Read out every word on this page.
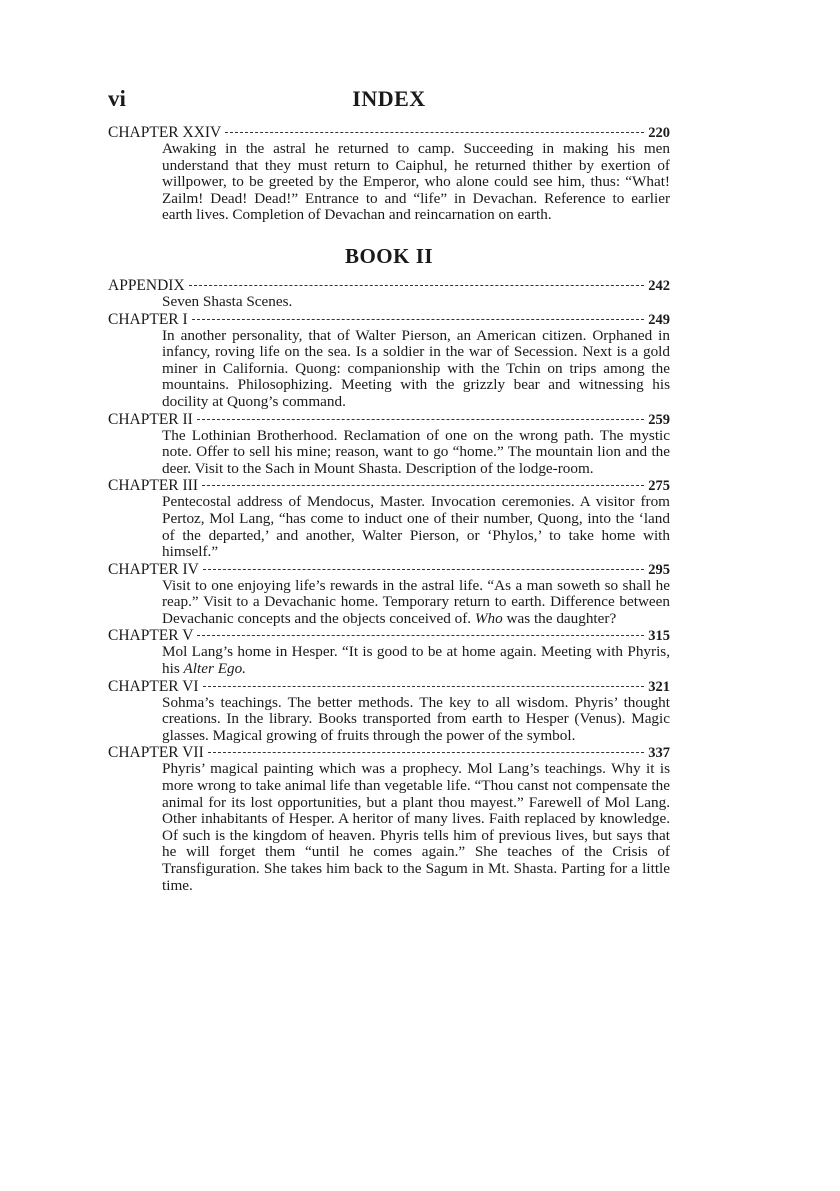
vi	INDEX
CHAPTER XXIV	220
Awaking in the astral he returned to camp. Succeeding in making his men understand that they must return to Caiphul, he returned thither by exertion of willpower, to be greeted by the Emperor, who alone could see him, thus: “What! Zailm! Dead! Dead!” Entrance to and “life” in Devachan. Reference to earlier earth lives. Completion of Devachan and reincarnation on earth.
BOOK II
APPENDIX	242
Seven Shasta Scenes.
CHAPTER I	249
In another personality, that of Walter Pierson, an American citizen. Orphaned in infancy, roving life on the sea. Is a soldier in the war of Secession. Next is a gold miner in California. Quong: companionship with the Tchin on trips among the mountains. Philosophizing. Meeting with the grizzly bear and witnessing his docility at Quong’s command.
CHAPTER II	259
The Lothinian Brotherhood. Reclamation of one on the wrong path. The mystic note. Offer to sell his mine; reason, want to go “home.” The mountain lion and the deer. Visit to the Sach in Mount Shasta. Description of the lodge-room.
CHAPTER III	275
Pentecostal address of Mendocus, Master. Invocation ceremonies. A visitor from Pertoz, Mol Lang, “has come to induct one of their number, Quong, into the ‘land of the departed,’ and another, Walter Pierson, or ‘Phylos,’ to take home with himself.”
CHAPTER IV	295
Visit to one enjoying life’s rewards in the astral life. “As a man soweth so shall he reap.” Visit to a Devachanic home. Temporary return to earth. Difference between Devachanic concepts and the objects conceived of. Who was the daughter?
CHAPTER V	315
Mol Lang’s home in Hesper. “It is good to be at home again. Meeting with Phyris, his Alter Ego.
CHAPTER VI	321
Sohma’s teachings. The better methods. The key to all wisdom. Phyris’ thought creations. In the library. Books transported from earth to Hesper (Venus). Magic glasses. Magical growing of fruits through the power of the symbol.
CHAPTER VII	337
Phyris’ magical painting which was a prophecy. Mol Lang’s teachings. Why it is more wrong to take animal life than vegetable life. “Thou canst not compensate the animal for its lost opportunities, but a plant thou mayest.” Farewell of Mol Lang. Other inhabitants of Hesper. A heritor of many lives. Faith replaced by knowledge. Of such is the kingdom of heaven. Phyris tells him of previous lives, but says that he will forget them “until he comes again.” She teaches of the Crisis of Transfiguration. She takes him back to the Sagum in Mt. Shasta. Parting for a little time.
